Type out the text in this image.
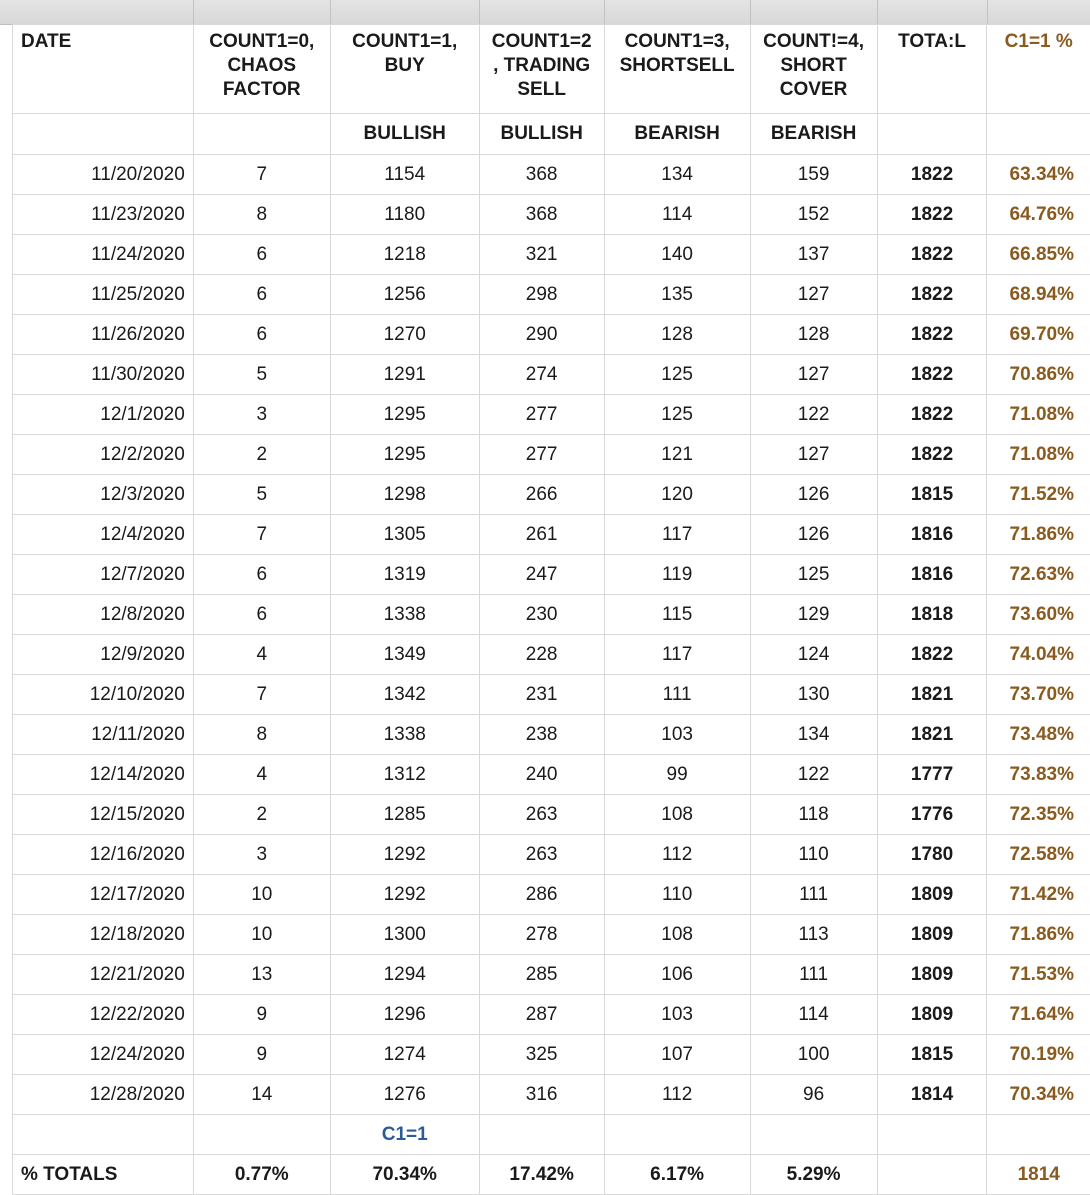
DATE	COUNT1=0, CHAOS FACTOR	COUNT1=1, BUY	COUNT1=2 , TRADING SELL	COUNT1=3, SHORTSELL	COUNT!=4, SHORT COVER	TOTA:L	C1=1 %
		BULLISH	BULLISH	BEARISH	BEARISH		
11/20/2020	7	1154	368	134	159	1822	63.34%
11/23/2020	8	1180	368	114	152	1822	64.76%
11/24/2020	6	1218	321	140	137	1822	66.85%
11/25/2020	6	1256	298	135	127	1822	68.94%
11/26/2020	6	1270	290	128	128	1822	69.70%
11/30/2020	5	1291	274	125	127	1822	70.86%
12/1/2020	3	1295	277	125	122	1822	71.08%
12/2/2020	2	1295	277	121	127	1822	71.08%
12/3/2020	5	1298	266	120	126	1815	71.52%
12/4/2020	7	1305	261	117	126	1816	71.86%
12/7/2020	6	1319	247	119	125	1816	72.63%
12/8/2020	6	1338	230	115	129	1818	73.60%
12/9/2020	4	1349	228	117	124	1822	74.04%
12/10/2020	7	1342	231	111	130	1821	73.70%
12/11/2020	8	1338	238	103	134	1821	73.48%
12/14/2020	4	1312	240	99	122	1777	73.83%
12/15/2020	2	1285	263	108	118	1776	72.35%
12/16/2020	3	1292	263	112	110	1780	72.58%
12/17/2020	10	1292	286	110	111	1809	71.42%
12/18/2020	10	1300	278	108	113	1809	71.86%
12/21/2020	13	1294	285	106	111	1809	71.53%
12/22/2020	9	1296	287	103	114	1809	71.64%
12/24/2020	9	1274	325	107	100	1815	70.19%
12/28/2020	14	1276	316	112	96	1814	70.34%
		C1=1					
% TOTALS	0.77%	70.34%	17.42%	6.17%	5.29%		1814
